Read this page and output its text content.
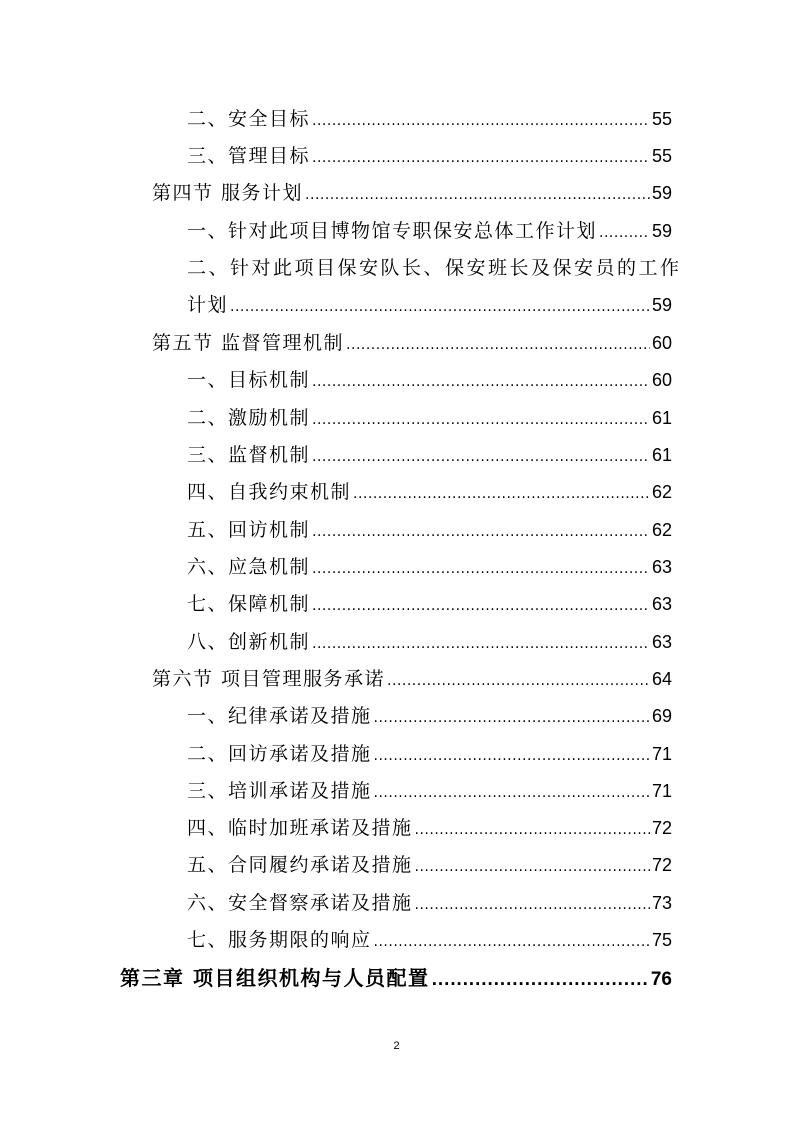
二、安全目标 .....	55
三、管理目标 .....	55
第四节 服务计划 .....	59
一、针对此项目博物馆专职保安总体工作计划 .....	59
二、针对此项目保安队长、保安班长及保安员的工作
计划 .....	59
第五节 监督管理机制 .....	60
一、目标机制 .....	60
二、激励机制 .....	61
三、监督机制 .....	61
四、自我约束机制 .....	62
五、回访机制 .....	62
六、应急机制 .....	63
七、保障机制 .....	63
八、创新机制 .....	63
第六节 项目管理服务承诺 .....	64
一、纪律承诺及措施 .....	69
二、回访承诺及措施 .....	71
三、培训承诺及措施 .....	71
四、临时加班承诺及措施 .....	72
五、合同履约承诺及措施 .....	72
六、安全督察承诺及措施 .....	73
七、服务期限的响应 .....	75
第三章 项目组织机构与人员配置 .....	76
2
